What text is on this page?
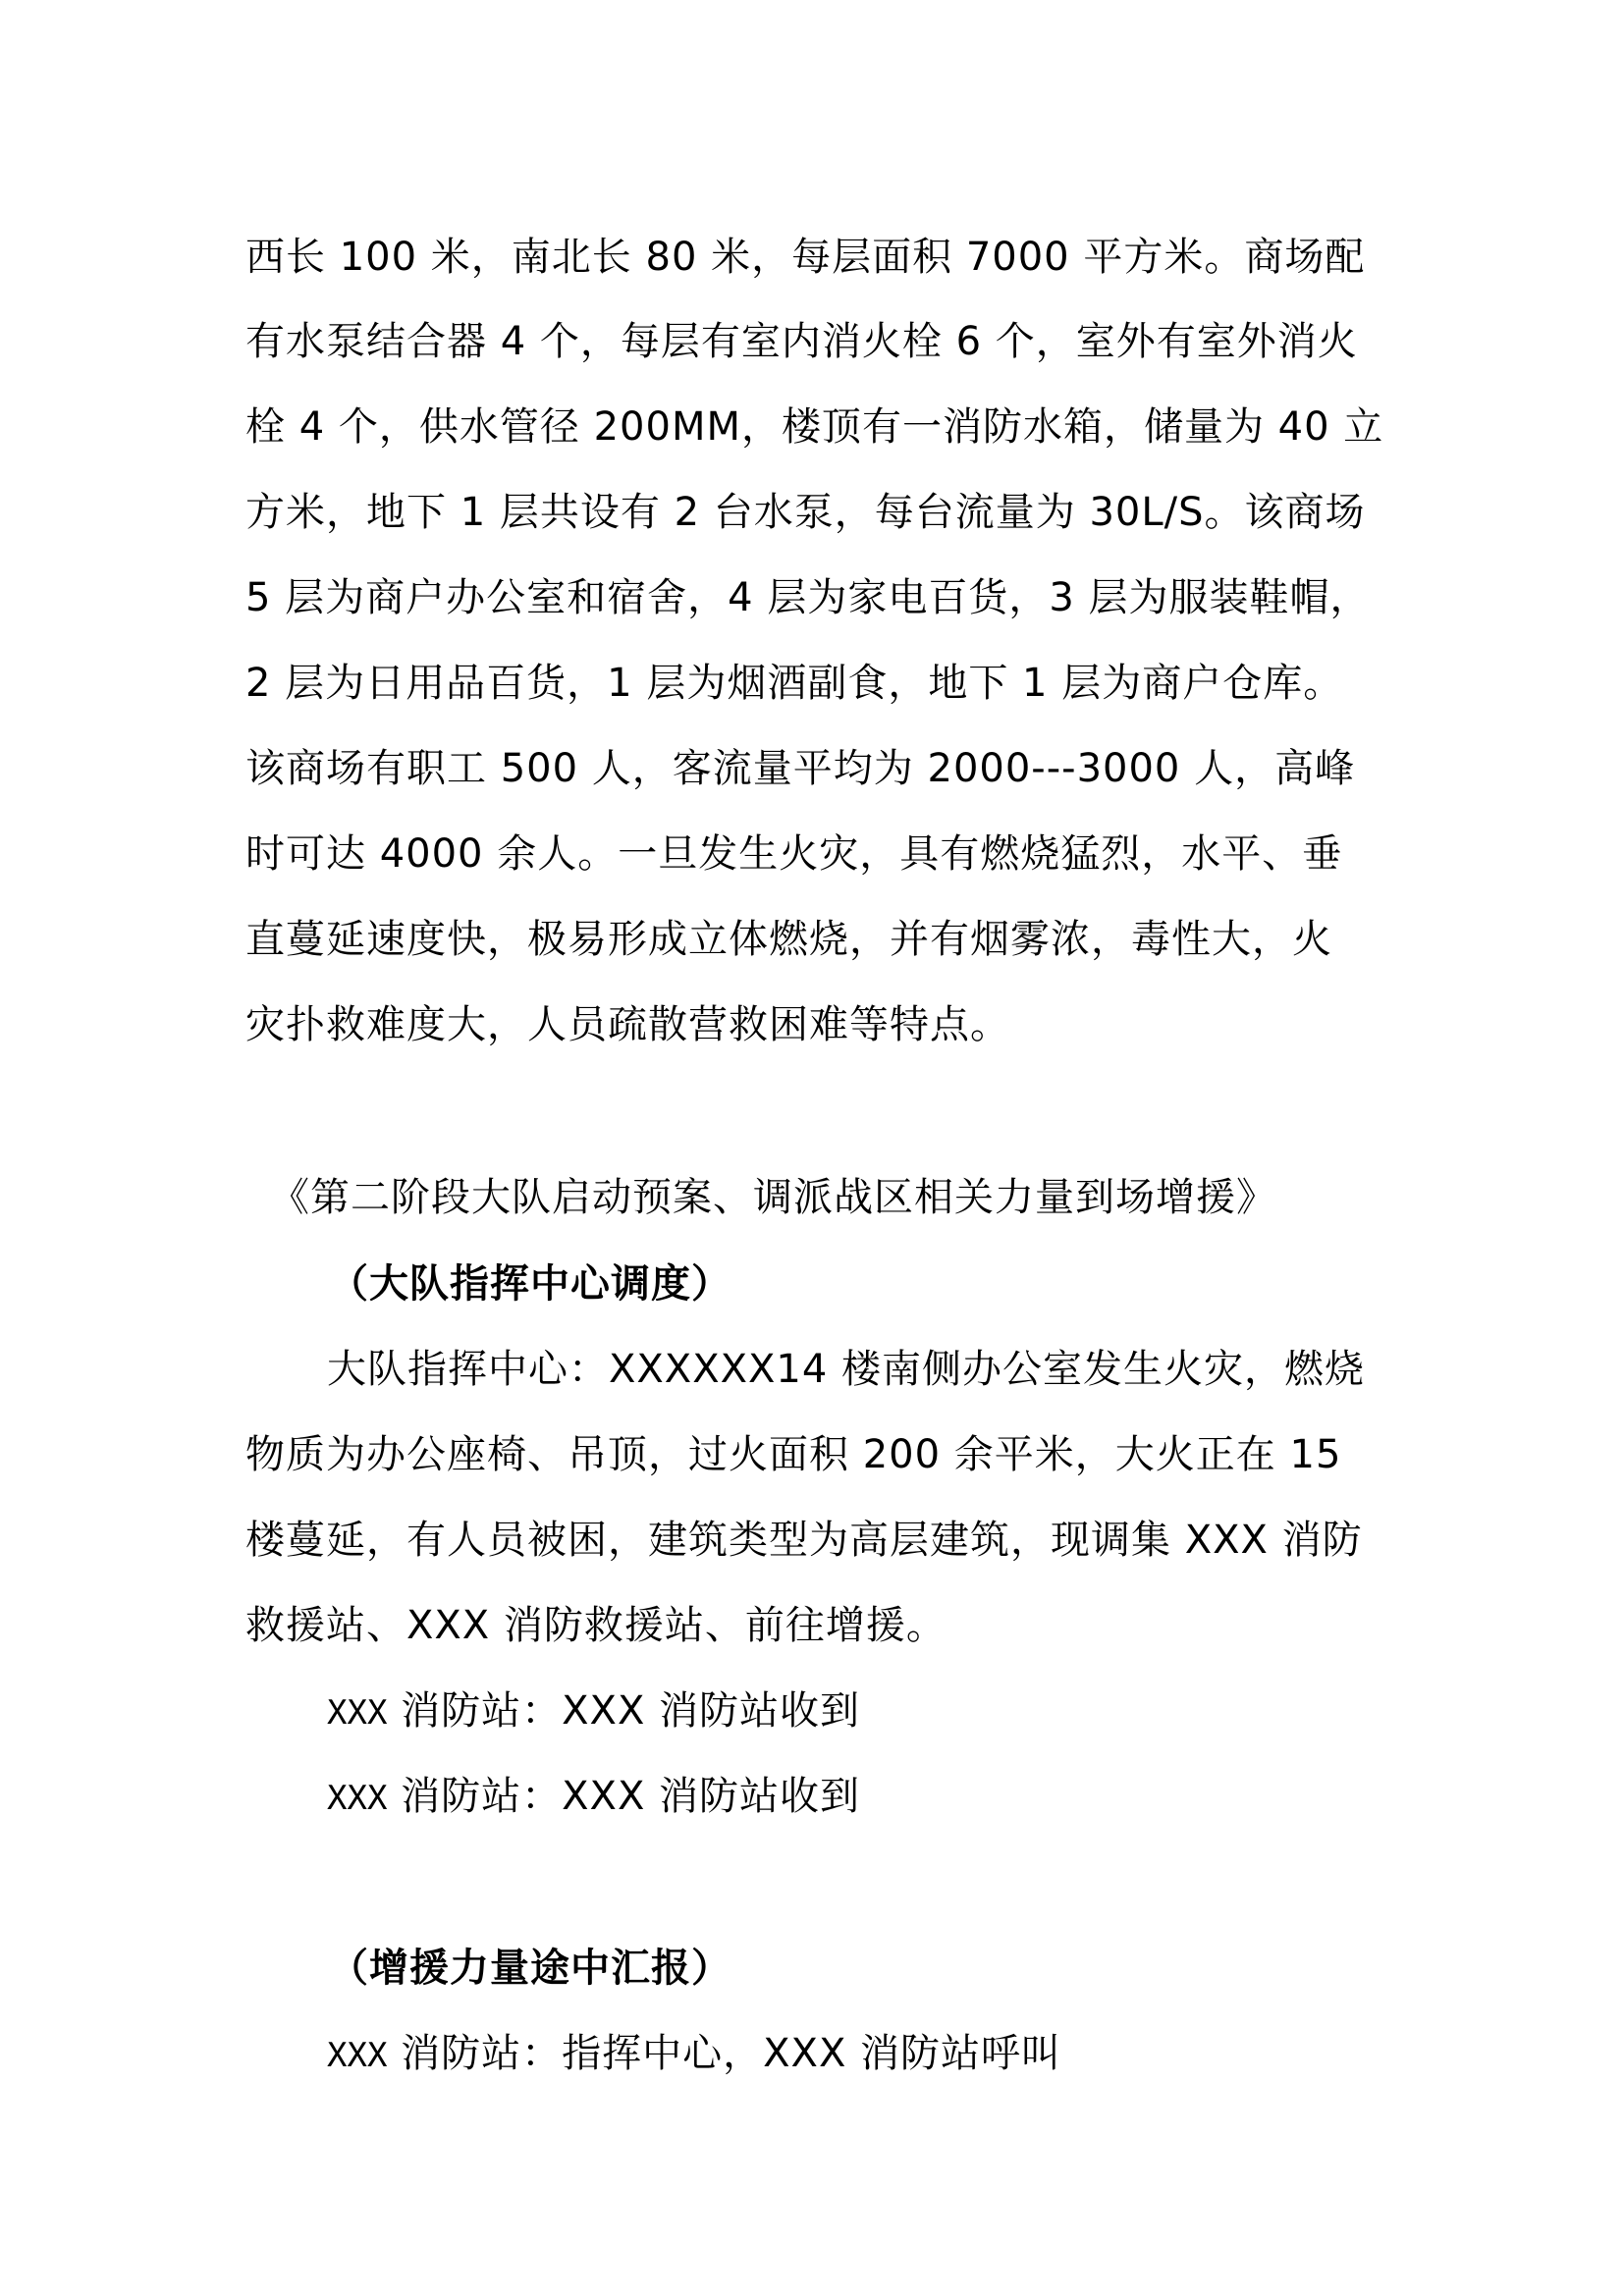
西长 100 米，南北长 80 米，每层面积 7000 平方米。商场配
有水泵结合器 4 个，每层有室内消火栓 6 个，室外有室外消火
栓 4 个，供水管径 200MM，楼顶有一消防水箱，储量为 40 立
方米，地下 1 层共设有 2 台水泵，每台流量为 30L/S。该商场
5 层为商户办公室和宿舍，4 层为家电百货，3 层为服装鞋帽，
2 层为日用品百货，1 层为烟酒副食，地下 1 层为商户仓库。
该商场有职工 500 人，客流量平均为 2000---3000 人，高峰
时可达 4000 余人。一旦发生火灾，具有燃烧猛烈，水平、垂
直蔓延速度快，极易形成立体燃烧，并有烟雾浓，毒性大，火
灾扑救难度大，人员疏散营救困难等特点。
《第二阶段大队启动预案、调派战区相关力量到场增援》
（大队指挥中心调度）
大队指挥中心：XXXXXX14 楼南侧办公室发生火灾，燃烧
物质为办公座椅、吊顶，过火面积 200 余平米，大火正在 15
楼蔓延，有人员被困，建筑类型为高层建筑，现调集 XXX 消防
救援站、XXX 消防救援站、前往增援。
XXX 消防站：XXX 消防站收到
XXX 消防站：XXX 消防站收到
（增援力量途中汇报）
XXX 消防站：指挥中心，XXX 消防站呼叫
